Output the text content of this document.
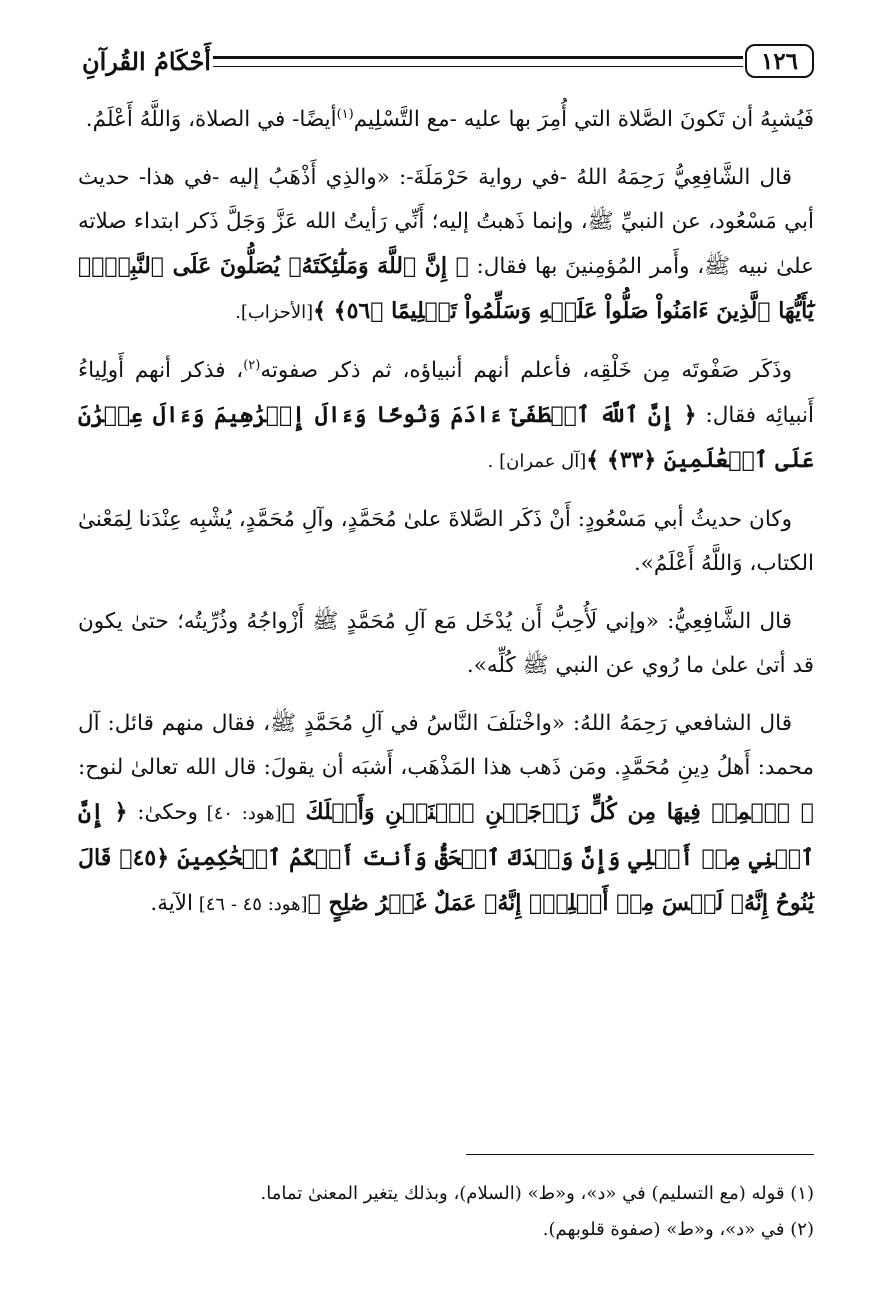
١٢٦
أَحْكَامُ القُرآنِ

فَيُشبِهُ أن تَكونَ الصَّلاة التي أُمِرَ بها عليه -مع التَّسْلِيم$^{(١)}$أيضًا- في الصلاة، وَاللَّهُ أَعْلَمُ.

قال الشَّافِعِيُّ رَحِمَهُ اللهُ -في رواية حَرْمَلَةَ-: «والذِي أَذْهَبُ إليه -في هذا- حديث أبي مَسْعُود، عن النبيِّ ﷺ، وإنما ذَهبتُ إليه؛ أَنِّي رَأيتُ الله عَزَّ وَجَلَّ ذَكر ابتداء صلاته علىٰ نبيه ﷺ، وأَمر المُؤمِنينَ بها فقال: ﴿ إِنَّ ٱللَّهَ وَمَلَٰٓئِكَتَهُۥ يُصَلُّونَ عَلَى ٱلنَّبِيِّۚ يَٰٓأَيُّهَا ٱلَّذِينَ ءَامَنُواْ صَلُّواْ عَلَيۡهِ وَسَلِّمُواْ تَسۡلِيمًا ﴿٥٦﴾ ﴾[الأحزاب].

وذَكَر صَفْوتَه مِن خَلْقِه، فأعلم أنهم أنبياؤه، ثم ذكر صفوته$^{(٢)}$، فذكر أنهم أَولِياءُ أَنبيائِه فقال: ﴿ إِنَّ ٱللَّهَ ٱصۡطَفَىٰٓ ءَادَمَ وَنُوحًا وَءَالَ إِبۡرَٰهِيمَ وَءَالَ عِمۡرَٰنَ عَلَى ٱلۡعَٰلَمِينَ ﴿٣٣﴾ ﴾[آل عمران] .

وكان حديثُ أبي مَسْعُودٍ: أَنْ ذَكَر الصَّلاةَ علىٰ مُحَمَّدٍ، وآلِ مُحَمَّدٍ، يُشْبِه عِنْدَنا لِمَعْنىٰ الكتاب، وَاللَّهُ أَعْلَمُ».

قال الشَّافِعِيُّ: «وإني لَأُحِبُّ أَن يُدْخَل مَع آلِ مُحَمَّدٍ ﷺ أَزْواجُهُ وذُرِّيتُه؛ حتىٰ يكون قد أتىٰ علىٰ ما رُوي عن النبي ﷺ كُلِّه».

قال الشافعي رَحِمَهُ اللهُ: «واخْتلَفَ النَّاسُ في آلِ مُحَمَّدٍ ﷺ، فقال منهم قائل: آل محمد: أَهلُ دِينِ مُحَمَّدٍ. ومَن ذَهب هذا المَذْهَب، أَشبَه أن يقولَ: قال الله تعالىٰ لنوح: ﴿ ٱحۡمِلۡ فِيهَا مِن كُلٍّ زَوۡجَيۡنِ ٱثۡنَيۡنِ وَأَهۡلَكَ ﴾[هود: ٤٠] وحكىٰ: ﴿ إِنَّ ٱبۡنِي مِنۡ أَهۡلِي وَإِنَّ وَعۡدَكَ ٱلۡحَقُّ وَأَنتَ أَحۡكَمُ ٱلۡحَٰكِمِينَ ﴿٤٥﴾ قَالَ يَٰنُوحُ إِنَّهُۥ لَيۡسَ مِنۡ أَهۡلِكَۖ إِنَّهُۥ عَمَلٌ غَيۡرُ صَٰلِحٍ ﴾[هود: ٤٥ - ٤٦] الآية.

(١) قوله (مع التسليم) في «د»، و«ط» (السلام)، وبذلك يتغير المعنىٰ تماما.

(٢) في «د»، و«ط» (صفوة قلوبهم).
